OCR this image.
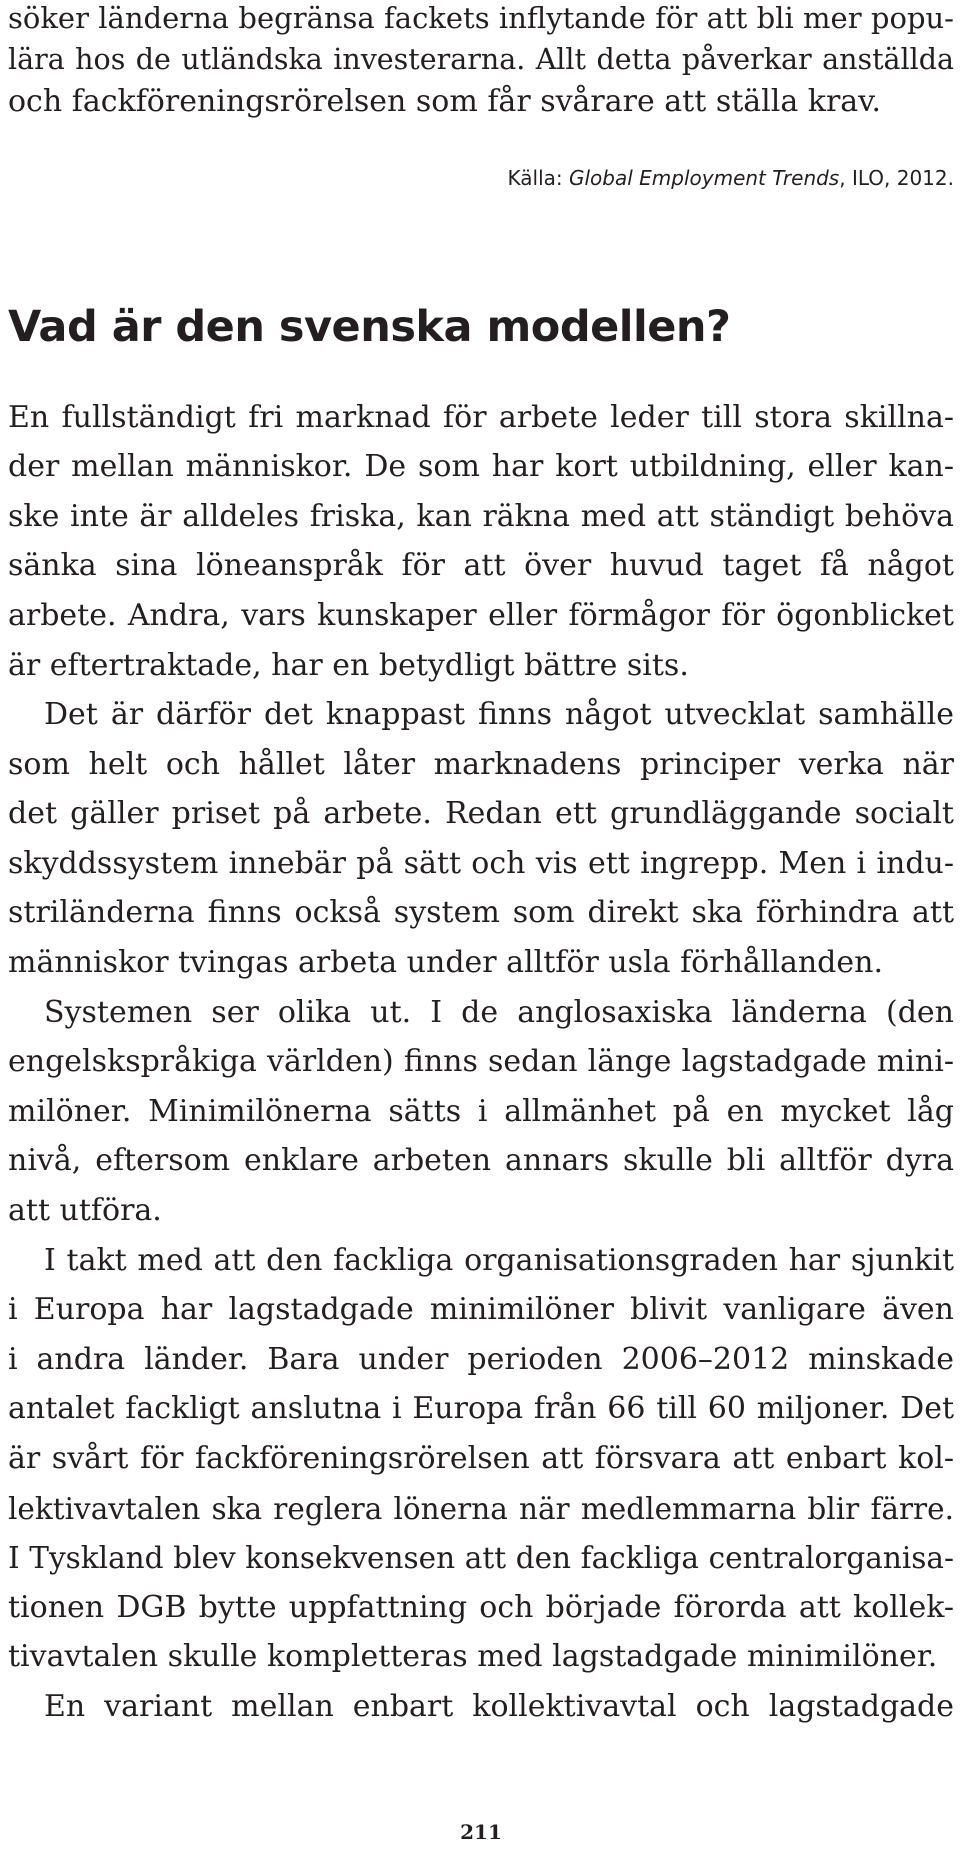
söker länderna begränsa fackets inflytande för att bli mer popu-
lära hos de utländska investerarna. Allt detta påverkar anställda
och fackföreningsrörelsen som får svårare att ställa krav.
Källa: Global Employment Trends, ILO, 2012.
Vad är den svenska modellen?
En fullständigt fri marknad för arbete leder till stora skillna-
der mellan människor. De som har kort utbildning, eller kan-
ske inte är alldeles friska, kan räkna med att ständigt behöva
sänka sina löneanspråk för att över huvud taget få något
arbete. Andra, vars kunskaper eller förmågor för ögonblicket
är eftertraktade, har en betydligt bättre sits.
Det är därför det knappast finns något utvecklat samhälle
som helt och hållet låter marknadens principer verka när
det gäller priset på arbete. Redan ett grundläggande socialt
skyddssystem innebär på sätt och vis ett ingrepp. Men i indu-
striländerna finns också system som direkt ska förhindra att
människor tvingas arbeta under alltför usla förhållanden.
Systemen ser olika ut. I de anglosaxiska länderna (den
engelskspråkiga världen) finns sedan länge lagstadgade mini-
milöner. Minimilönerna sätts i allmänhet på en mycket låg
nivå, eftersom enklare arbeten annars skulle bli alltför dyra
att utföra.
I takt med att den fackliga organisationsgraden har sjunkit
i Europa har lagstadgade minimilöner blivit vanligare även
i andra länder. Bara under perioden 2006–2012 minskade
antalet fackligt anslutna i Europa från 66 till 60 miljoner. Det
är svårt för fackföreningsrörelsen att försvara att enbart kol-
lektivavtalen ska reglera lönerna när medlemmarna blir färre.
I Tyskland blev konsekvensen att den fackliga centralorganisa-
tionen DGB bytte uppfattning och började förorda att kollek-
tivavtalen skulle kompletteras med lagstadgade minimilöner.
En variant mellan enbart kollektivavtal och lagstadgade
211
